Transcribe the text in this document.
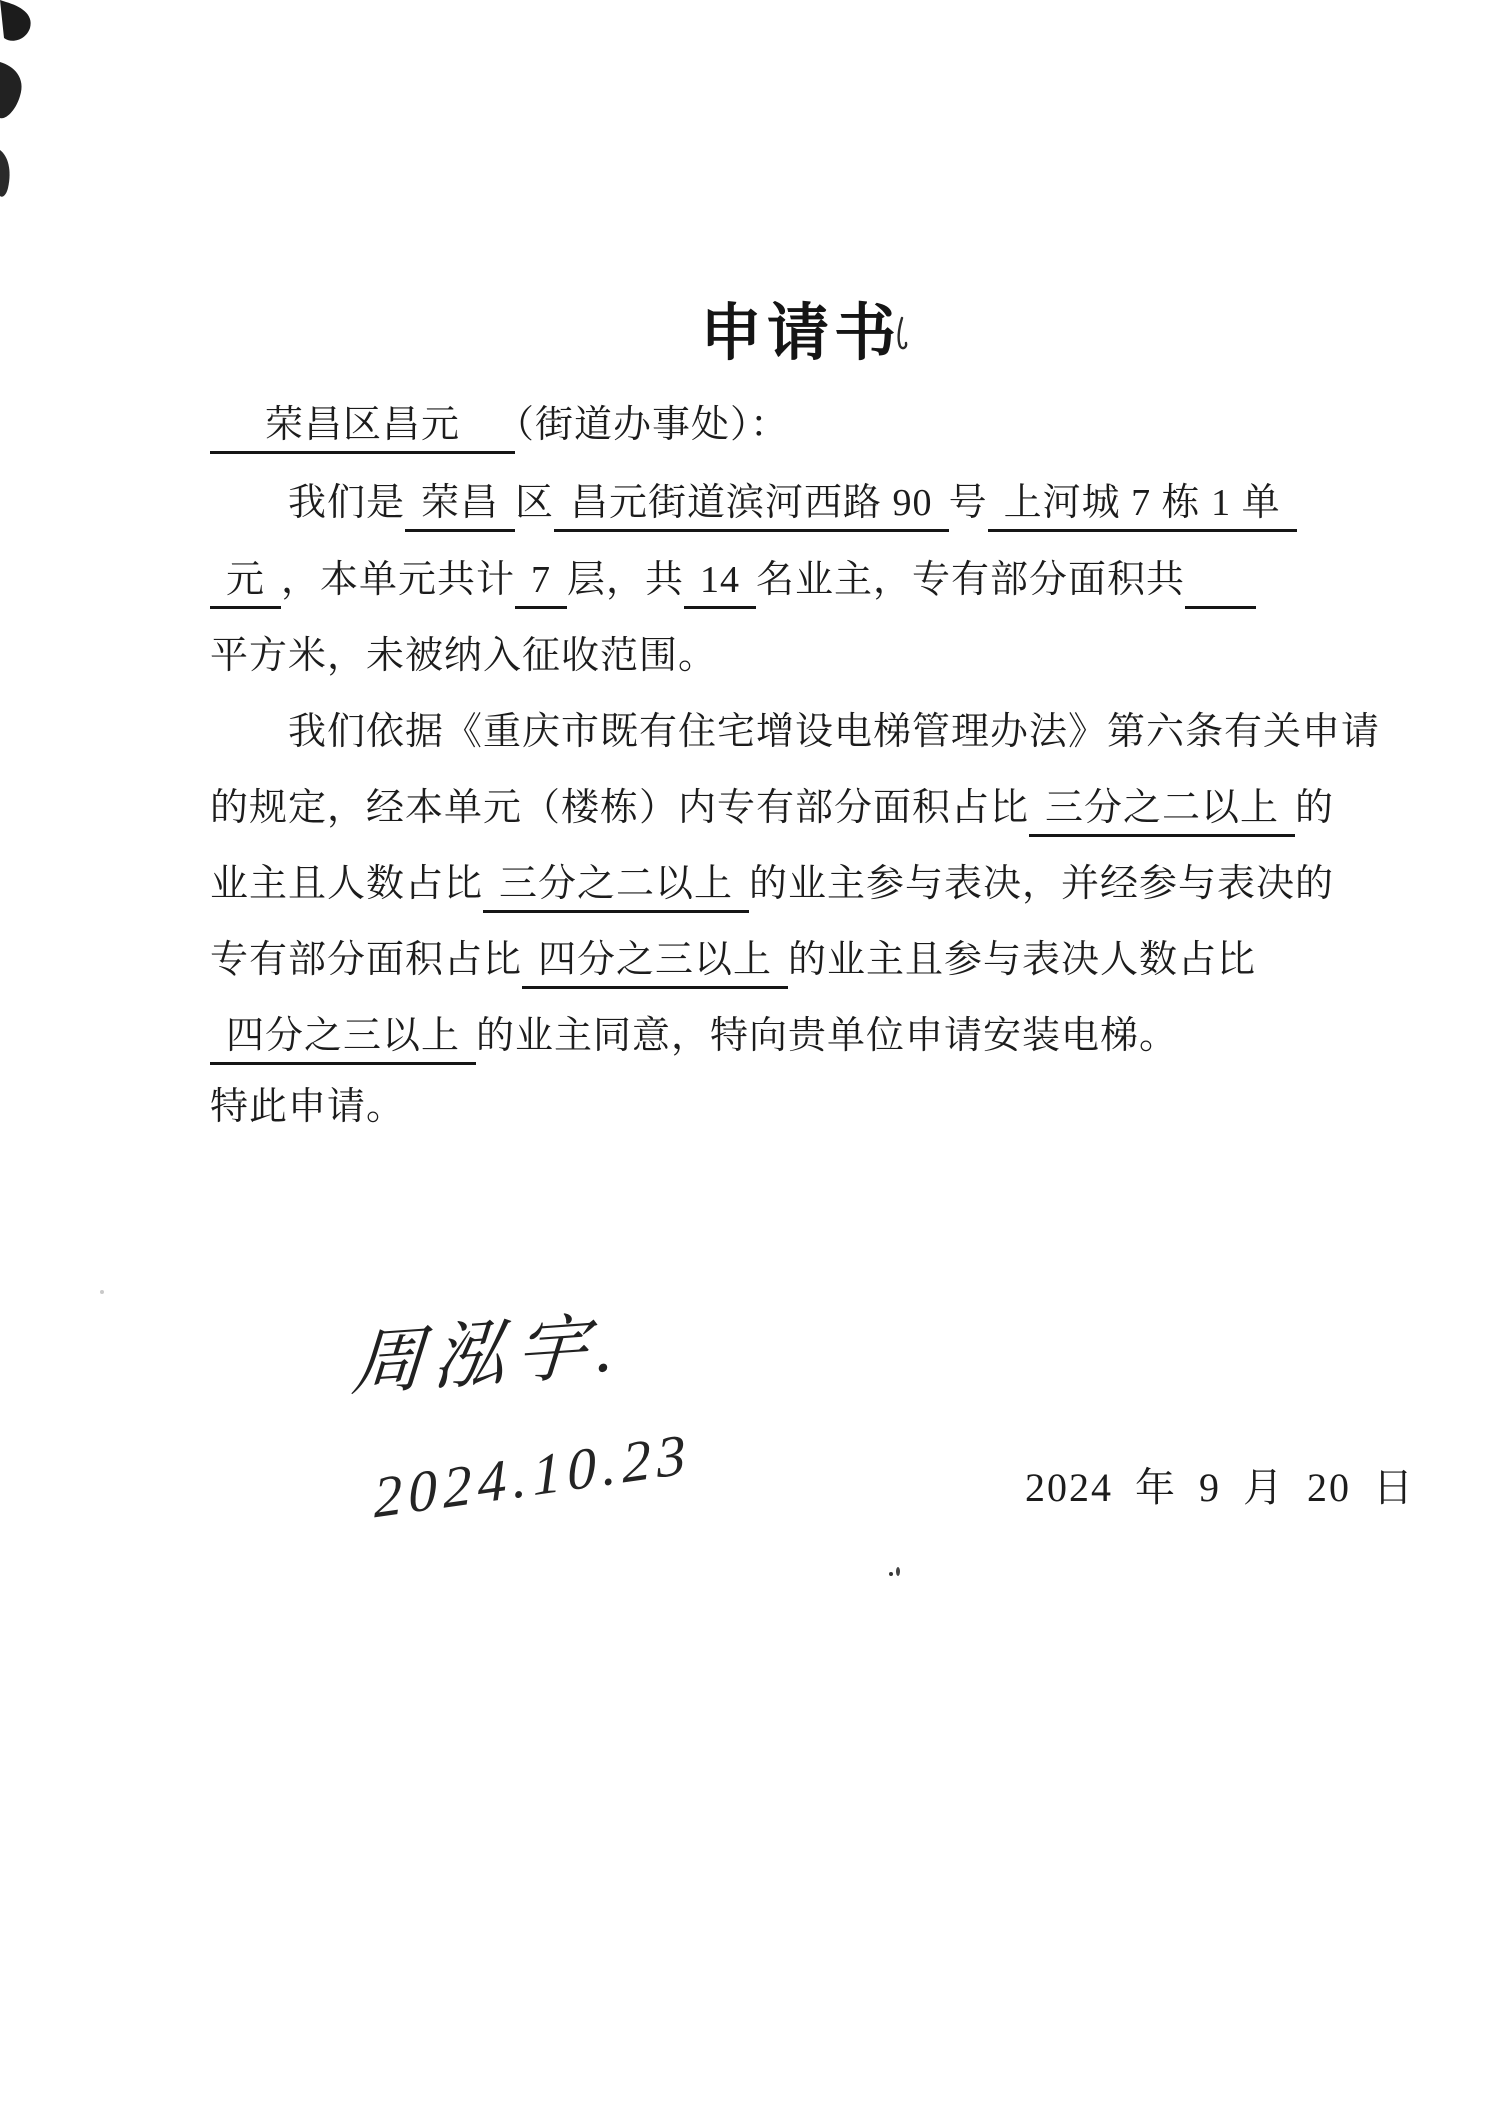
申请书
　荣昌区昌元　（街道办事处）：
我们是 荣昌 区 昌元街道滨河西路 90 号 上河城 7 栋 1 单
元 ，本单元共计 7 层，共 14 名业主，专有部分面积共　
平方米，未被纳入征收范围。
我们依据《重庆市既有住宅增设电梯管理办法》第六条有关申请
的规定，经本单元（楼栋）内专有部分面积占比 三分之二以上 的
业主且人数占比 三分之二以上 的业主参与表决，并经参与表决的
专有部分面积占比 四分之三以上 的业主且参与表决人数占比
四分之三以上 的业主同意，特向贵单位申请安装电梯。
特此申请。
周泓宇.
2024.10.23	2024 年 9 月 20 日
